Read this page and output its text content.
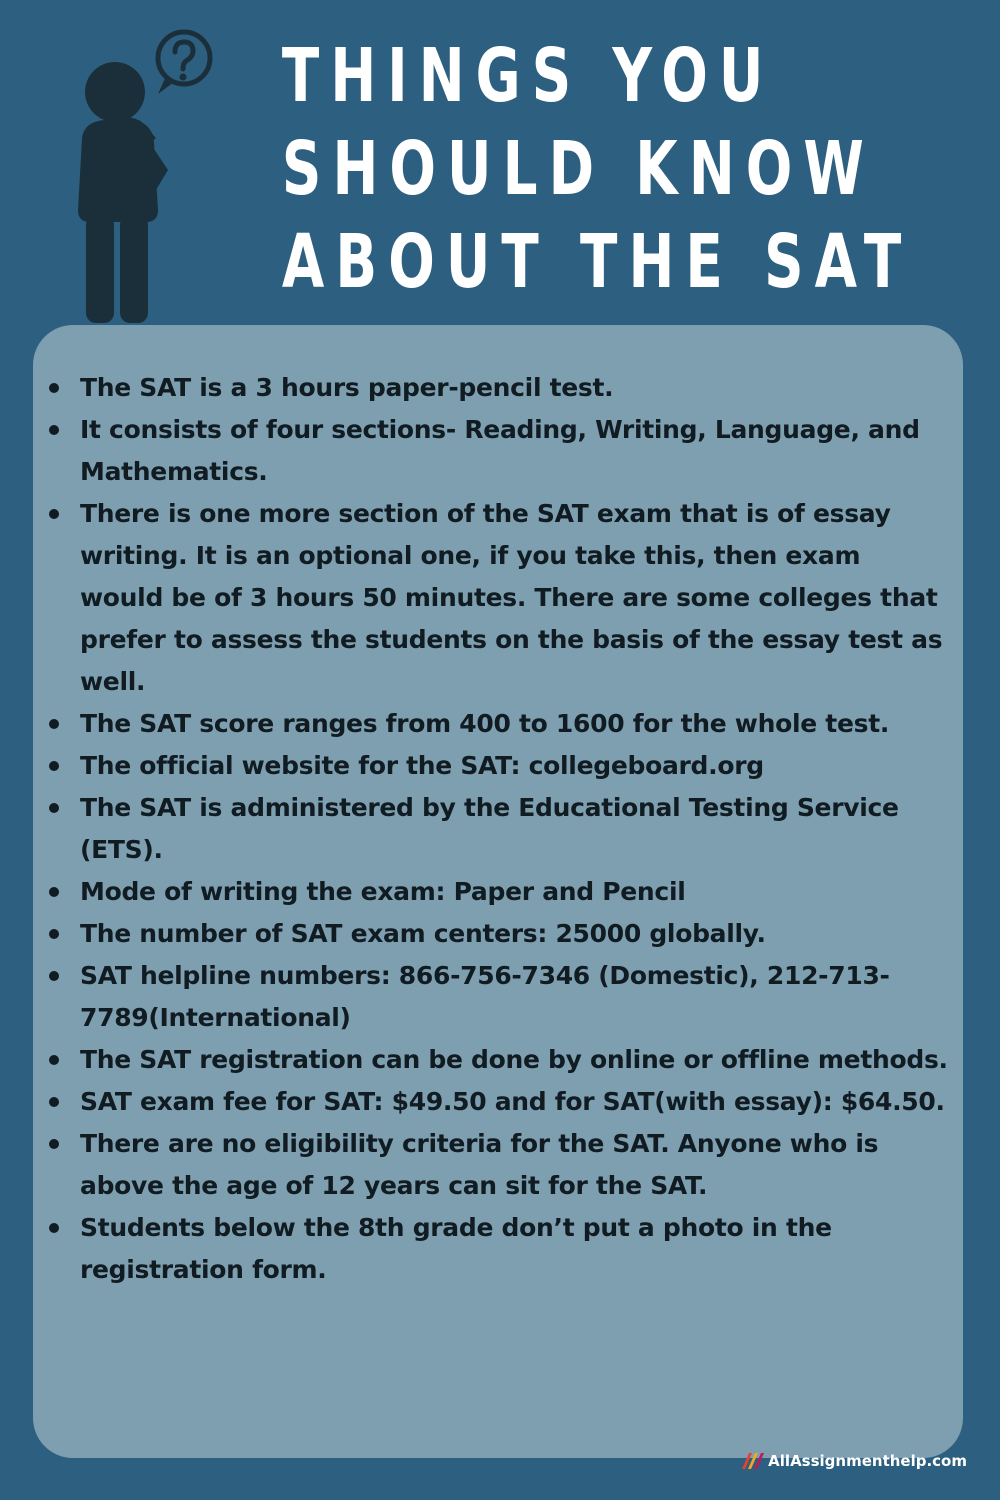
THINGS YOU
SHOULD KNOW
ABOUT THE SAT
The SAT is a 3 hours paper-pencil test.
It consists of four sections- Reading, Writing, Language, and Mathematics.
There is one more section of the SAT exam that is of essay writing. It is an optional one, if you take this, then exam would be of 3 hours 50 minutes. There are some colleges that prefer to assess the students on the basis of the essay test as well.
The SAT score ranges from 400 to 1600 for the whole test.
The official website for the SAT: collegeboard.org
The SAT is administered by the Educational Testing Service (ETS).
Mode of writing the exam: Paper and Pencil
The number of SAT exam centers: 25000 globally.
SAT helpline numbers: 866-756-7346 (Domestic), 212-713-7789(International)
The SAT registration can be done by online or offline methods.
SAT exam fee for SAT: $49.50 and for SAT(with essay): $64.50.
There are no eligibility criteria for the SAT. Anyone who is above the age of 12 years can sit for the SAT.
Students below the 8th grade don’t put a photo in the registration form.
AllAssignmenthelp.com
